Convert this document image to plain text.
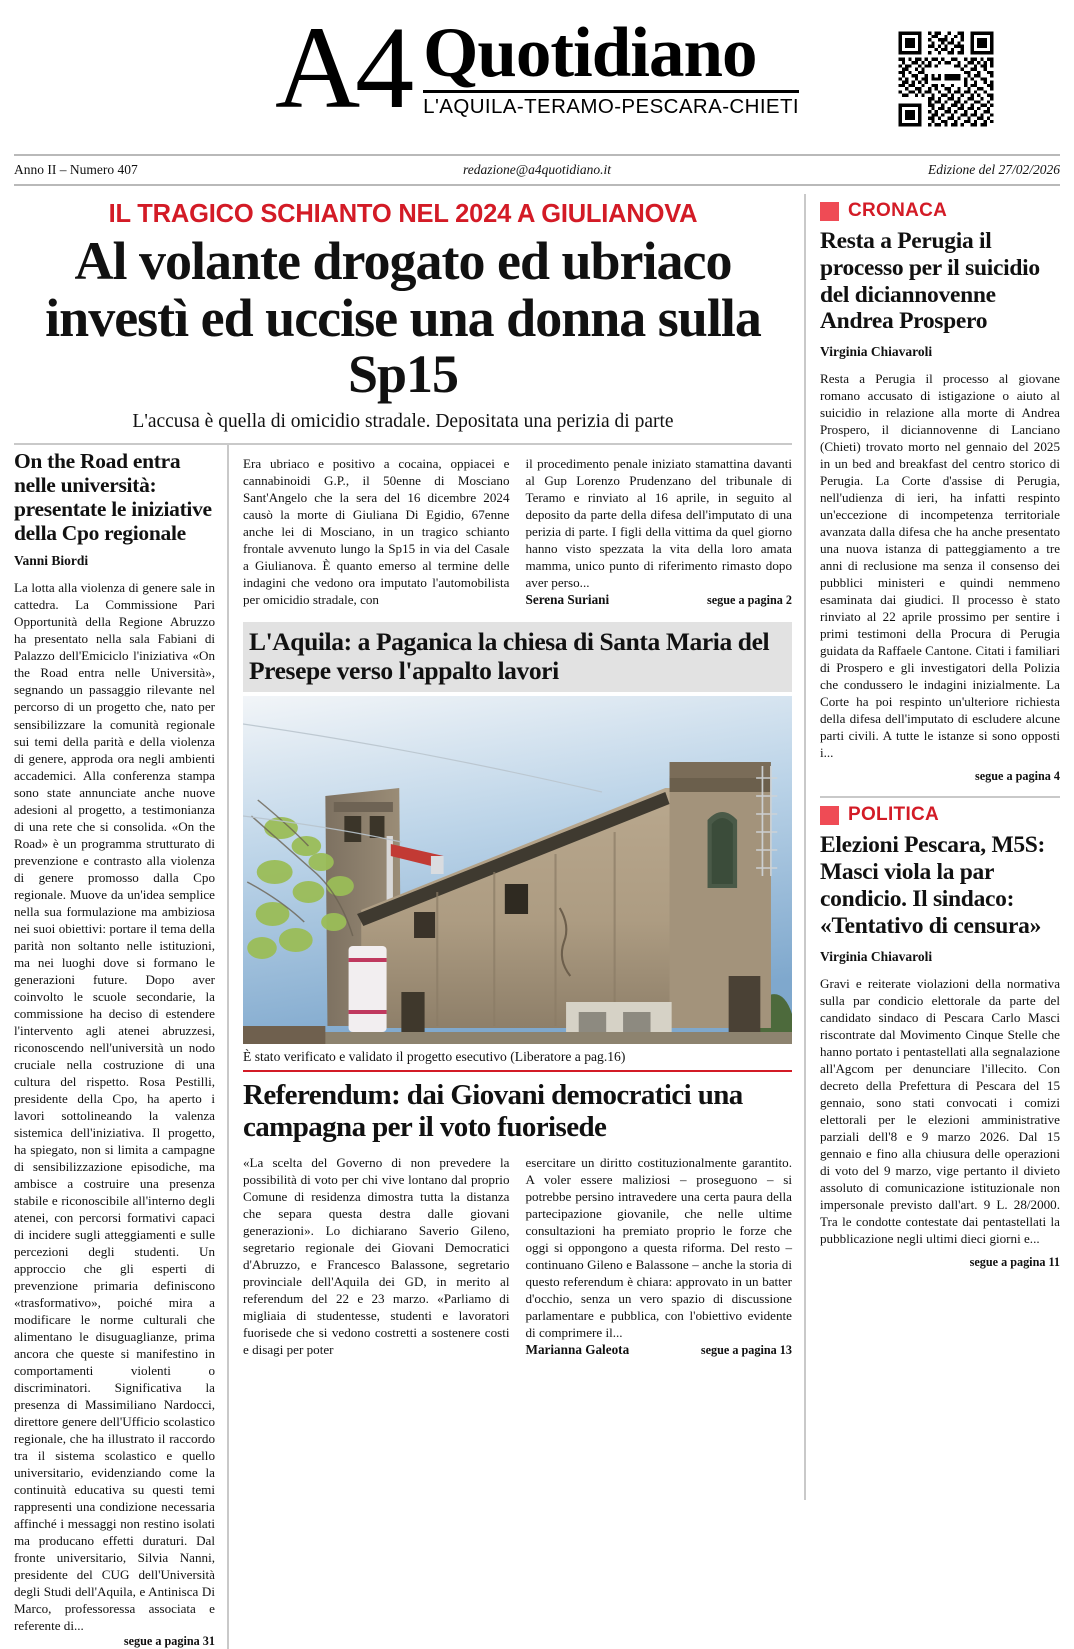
A4 Quotidiano
L'AQUILA-TERAMO-PESCARA-CHIETI
Anno II – Numero 407	redazione@a4quotidiano.it	Edizione del 27/02/2026
IL TRAGICO SCHIANTO NEL 2024 A GIULIANOVA
Al volante drogato ed ubriaco investì ed uccise una donna sulla Sp15
L'accusa è quella di omicidio stradale. Depositata una perizia di parte
On the Road entra nelle università: presentate le iniziative della Cpo regionale
Vanni Biordi
La lotta alla violenza di genere sale in cattedra. La Commissione Pari Opportunità della Regione Abruzzo ha presentato nella sala Fabiani di Palazzo dell'Emiciclo l'iniziativa «On the Road entra nelle Università», segnando un passaggio rilevante nel percorso di un progetto che, nato per sensibilizzare la comunità regionale sui temi della parità e della violenza di genere, approda ora negli ambienti accademici. Alla conferenza stampa sono state annunciate anche nuove adesioni al progetto, a testimonianza di una rete che si consolida. «On the Road» è un programma strutturato di prevenzione e contrasto alla violenza di genere promosso dalla Cpo regionale. Muove da un'idea semplice nella sua formulazione ma ambiziosa nei suoi obiettivi: portare il tema della parità non soltanto nelle istituzioni, ma nei luoghi dove si formano le generazioni future. Dopo aver coinvolto le scuole secondarie, la commissione ha deciso di estendere l'intervento agli atenei abruzzesi, riconoscendo nell'università un nodo cruciale nella costruzione di una cultura del rispetto. Rosa Pestilli, presidente della Cpo, ha aperto i lavori sottolineando la valenza sistemica dell'iniziativa. Il progetto, ha spiegato, non si limita a campagne di sensibilizzazione episodiche, ma ambisce a costruire una presenza stabile e riconoscibile all'interno degli atenei, con percorsi formativi capaci di incidere sugli atteggiamenti e sulle percezioni degli studenti. Un approccio che gli esperti di prevenzione primaria definiscono «trasformativo», poiché mira a modificare le norme culturali che alimentano le disuguaglianze, prima ancora che queste si manifestino in comportamenti violenti o discriminatori. Significativa la presenza di Massimiliano Nardocci, direttore genere dell'Ufficio scolastico regionale, che ha illustrato il raccordo tra il sistema scolastico e quello universitario, evidenziando come la continuità educativa su questi temi rappresenti una condizione necessaria affinché i messaggi non restino isolati ma producano effetti duraturi. Dal fronte universitario, Silvia Nanni, presidente del CUG dell'Università degli Studi dell'Aquila, e Antinisca Di Marco, professoressa associata e referente di...
segue a pagina 31
Era ubriaco e positivo a cocaina, oppiacei e cannabinoidi G.P., il 50enne di Mosciano Sant'Angelo che la sera del 16 dicembre 2024 causò la morte di Giuliana Di Egidio, 67enne anche lei di Mosciano, in un tragico schianto frontale avvenuto lungo la Sp15 in via del Casale a Giulianova. È quanto emerso al termine delle indagini che vedono ora imputato l'automobilista per omicidio stradale, con
il procedimento penale iniziato stamattina davanti al Gup Lorenzo Prudenzano del tribunale di Teramo e rinviato al 16 aprile, in seguito al deposito da parte della difesa dell'imputato di una perizia di parte. I figli della vittima da quel giorno hanno visto spezzata la vita della loro amata mamma, unico punto di riferimento rimasto dopo aver perso...
Serena Suriani	segue a pagina 2
L'Aquila: a Paganica la chiesa di Santa Maria del Presepe verso l'appalto lavori
È stato verificato e validato il progetto esecutivo (Liberatore a pag.16)
Referendum: dai Giovani democratici una campagna per il voto fuorisede
«La scelta del Governo di non prevedere la possibilità di voto per chi vive lontano dal proprio Comune di residenza dimostra tutta la distanza che separa questa destra dalle giovani generazioni». Lo dichiarano Saverio Gileno, segretario regionale dei Giovani Democratici d'Abruzzo, e Francesco Balassone, segretario provinciale dell'Aquila dei GD, in merito al referendum del 22 e 23 marzo. «Parliamo di migliaia di studentesse, studenti e lavoratori fuorisede che si vedono costretti a sostenere costi e disagi per poter
esercitare un diritto costituzionalmente garantito. A voler essere maliziosi – proseguono – si potrebbe persino intravedere una certa paura della partecipazione giovanile, che nelle ultime consultazioni ha premiato proprio le forze che oggi si oppongono a questa riforma. Del resto – continuano Gileno e Balassone – anche la storia di questo referendum è chiara: approvato in un batter d'occhio, senza un vero spazio di discussione parlamentare e pubblica, con l'obiettivo evidente di comprimere il...
Marianna Galeota	segue a pagina 13
CRONACA
Resta a Perugia il processo per il suicidio del diciannovenne Andrea Prospero
Virginia Chiavaroli
Resta a Perugia il processo al giovane romano accusato di istigazione o aiuto al suicidio in relazione alla morte di Andrea Prospero, il diciannovenne di Lanciano (Chieti) trovato morto nel gennaio del 2025 in un bed and breakfast del centro storico di Perugia. La Corte d'assise di Perugia, nell'udienza di ieri, ha infatti respinto un'eccezione di incompetenza territoriale avanzata dalla difesa che ha anche presentato una nuova istanza di patteggiamento a tre anni di reclusione ma senza il consenso dei pubblici ministeri e quindi nemmeno esaminata dai giudici. Il processo è stato rinviato al 22 aprile prossimo per sentire i primi testimoni della Procura di Perugia guidata da Raffaele Cantone. Citati i familiari di Prospero e gli investigatori della Polizia che condussero le indagini inizialmente. La Corte ha poi respinto un'ulteriore richiesta della difesa dell'imputato di escludere alcune parti civili. A tutte le istanze si sono opposti i...
segue a pagina 4
POLITICA
Elezioni Pescara, M5S: Masci viola la par condicio. Il sindaco: «Tentativo di censura»
Virginia Chiavaroli
Gravi e reiterate violazioni della normativa sulla par condicio elettorale da parte del candidato sindaco di Pescara Carlo Masci riscontrate dal Movimento Cinque Stelle che hanno portato i pentastellati alla segnalazione all'Agcom per denunciare l'illecito. Con decreto della Prefettura di Pescara del 15 gennaio, sono stati convocati i comizi elettorali per le elezioni amministrative parziali dell'8 e 9 marzo 2026. Dal 15 gennaio e fino alla chiusura delle operazioni di voto del 9 marzo, vige pertanto il divieto assoluto di comunicazione istituzionale non impersonale previsto dall'art. 9 L. 28/2000. Tra le condotte contestate dai pentastellati la pubblicazione negli ultimi dieci giorni e...
segue a pagina 11
